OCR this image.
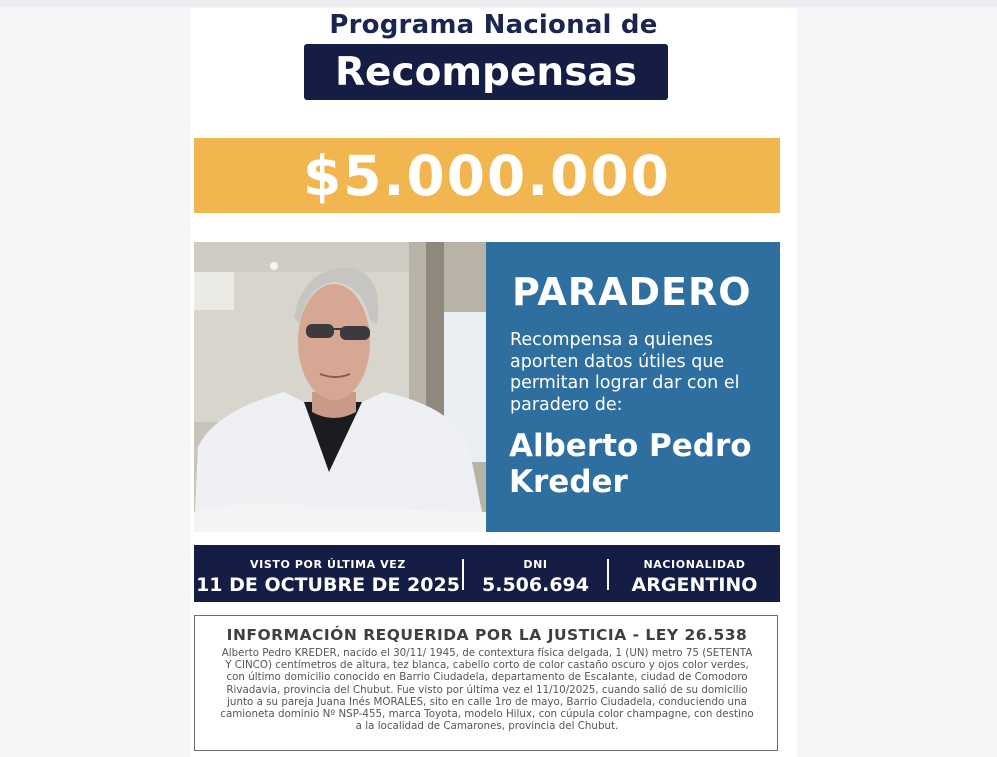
Programa Nacional de
Recompensas
$5.000.000
PARADERO
Recompensa a quienes aporten datos útiles que permitan lograr dar con el paradero de:
Alberto Pedro Kreder
VISTO POR ÚLTIMA VEZ
11 DE OCTUBRE DE 2025
DNI
5.506.694
NACIONALIDAD
ARGENTINO
INFORMACIÓN REQUERIDA POR LA JUSTICIA - LEY 26.538
Alberto Pedro KREDER, nacido el 30/11/ 1945, de contextura física delgada, 1 (UN) metro 75 (SETENTA Y CINCO) centímetros de altura, tez blanca, cabello corto de color castaño oscuro y ojos color verdes, con último domicilio conocido en Barrio Ciudadela, departamento de Escalante, ciudad de Comodoro Rivadavia, provincia del Chubut. Fue visto por última vez el 11/10/2025, cuando salió de su domicilio junto a su pareja Juana Inés MORALES, sito en calle 1ro de mayo, Barrio Ciudadela, conduciendo una camioneta dominio Nº NSP-455, marca Toyota, modelo Hilux, con cúpula color champagne, con destino a la localidad de Camarones, provincia del Chubut.
